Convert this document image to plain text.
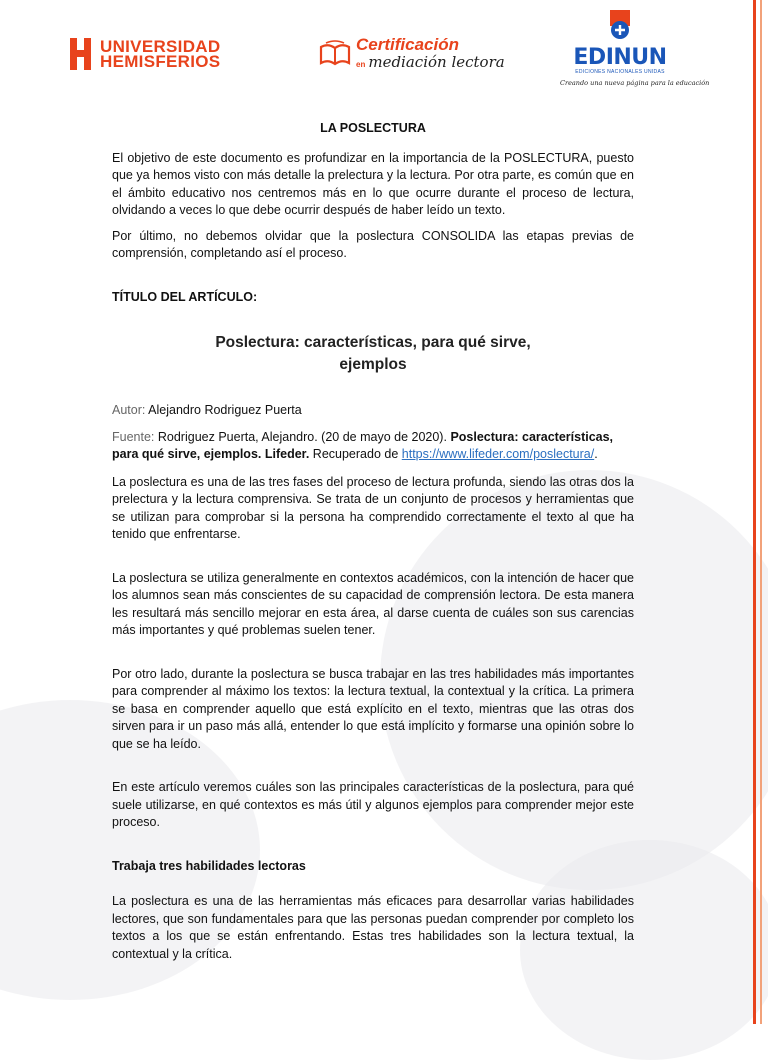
UNIVERSIDAD
HEMISFERIOS
Certificación
en mediación lectora	EDINUN
EDICIONES NACIONALES UNIDAS
Creando una nueva página para la educación

LA POSLECTURA

El objetivo de este documento es profundizar en la importancia de la POSLECTURA, puesto que ya hemos visto con más detalle la prelectura y la lectura. Por otra parte, es común que en el ámbito educativo nos centremos más en lo que ocurre durante el proceso de lectura, olvidando a veces lo que debe ocurrir después de haber leído un texto.

Por último, no debemos olvidar que la poslectura CONSOLIDA las etapas previas de comprensión, completando así el proceso.

TÍTULO DEL ARTÍCULO:

Poslectura: características, para qué sirve,
ejemplos

Autor: Alejandro Rodriguez Puerta

Fuente: Rodriguez Puerta, Alejandro. (20 de mayo de 2020). Poslectura: características, para qué sirve, ejemplos. Lifeder. Recuperado de https://www.lifeder.com/poslectura/.

La poslectura es una de las tres fases del proceso de lectura profunda, siendo las otras dos la prelectura y la lectura comprensiva. Se trata de un conjunto de procesos y herramientas que se utilizan para comprobar si la persona ha comprendido correctamente el texto al que ha tenido que enfrentarse.

La poslectura se utiliza generalmente en contextos académicos, con la intención de hacer que los alumnos sean más conscientes de su capacidad de comprensión lectora. De esta manera les resultará más sencillo mejorar en esta área, al darse cuenta de cuáles son sus carencias más importantes y qué problemas suelen tener.

Por otro lado, durante la poslectura se busca trabajar en las tres habilidades más importantes para comprender al máximo los textos: la lectura textual, la contextual y la crítica. La primera se basa en comprender aquello que está explícito en el texto, mientras que las otras dos sirven para ir un paso más allá, entender lo que está implícito y formarse una opinión sobre lo que se ha leído.

En este artículo veremos cuáles son las principales características de la poslectura, para qué suele utilizarse, en qué contextos es más útil y algunos ejemplos para comprender mejor este proceso.

Trabaja tres habilidades lectoras

La poslectura es una de las herramientas más eficaces para desarrollar varias habilidades lectores, que son fundamentales para que las personas puedan comprender por completo los textos a los que se están enfrentando. Estas tres habilidades son la lectura textual, la contextual y la crítica.
